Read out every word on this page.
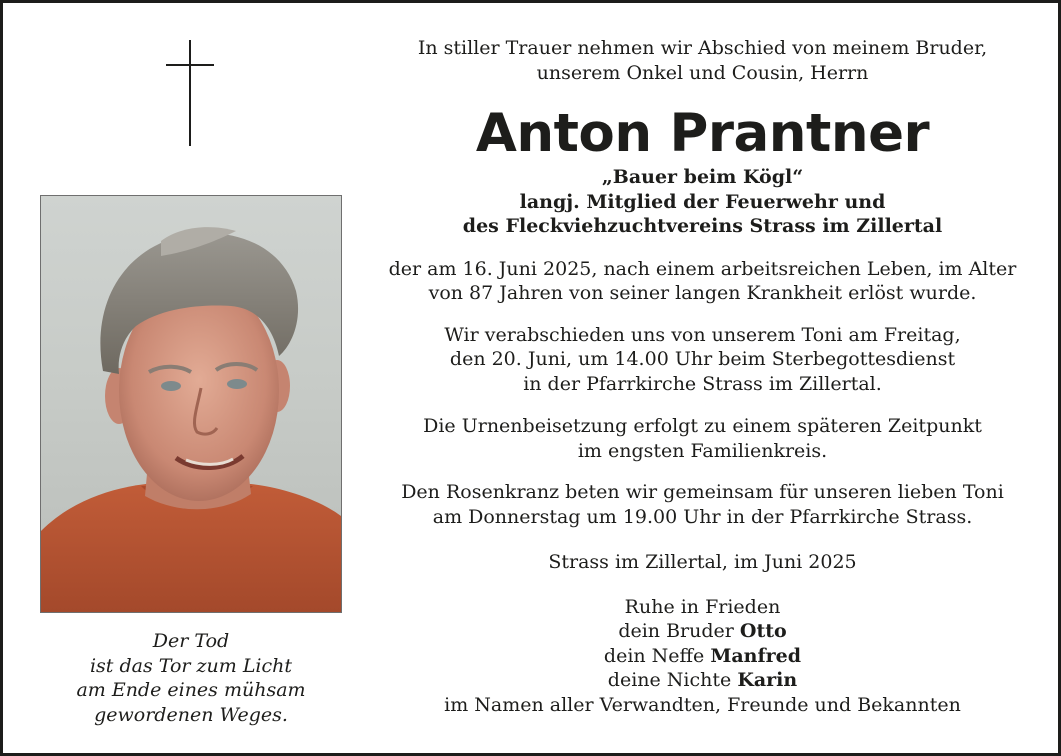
Der Tod
ist das Tor zum Licht
am Ende eines mühsam
gewordenen Weges.
In stiller Trauer nehmen wir Abschied von meinem Bruder,
unserem Onkel und Cousin, Herrn
Anton Prantner
„Bauer beim Kögl“
langj. Mitglied der Feuerwehr und
des Fleckviehzuchtvereins Strass im Zillertal
der am 16. Juni 2025, nach einem arbeitsreichen Leben, im Alter
von 87 Jahren von seiner langen Krankheit erlöst wurde.
Wir verabschieden uns von unserem Toni am Freitag,
den 20. Juni, um 14.00 Uhr beim Sterbegottesdienst
in der Pfarrkirche Strass im Zillertal.
Die Urnenbeisetzung erfolgt zu einem späteren Zeitpunkt
im engsten Familienkreis.
Den Rosenkranz beten wir gemeinsam für unseren lieben Toni
am Donnerstag um 19.00 Uhr in der Pfarrkirche Strass.
Strass im Zillertal, im Juni 2025
Ruhe in Frieden
dein Bruder Otto
dein Neffe Manfred
deine Nichte Karin
im Namen aller Verwandten, Freunde und Bekannten
